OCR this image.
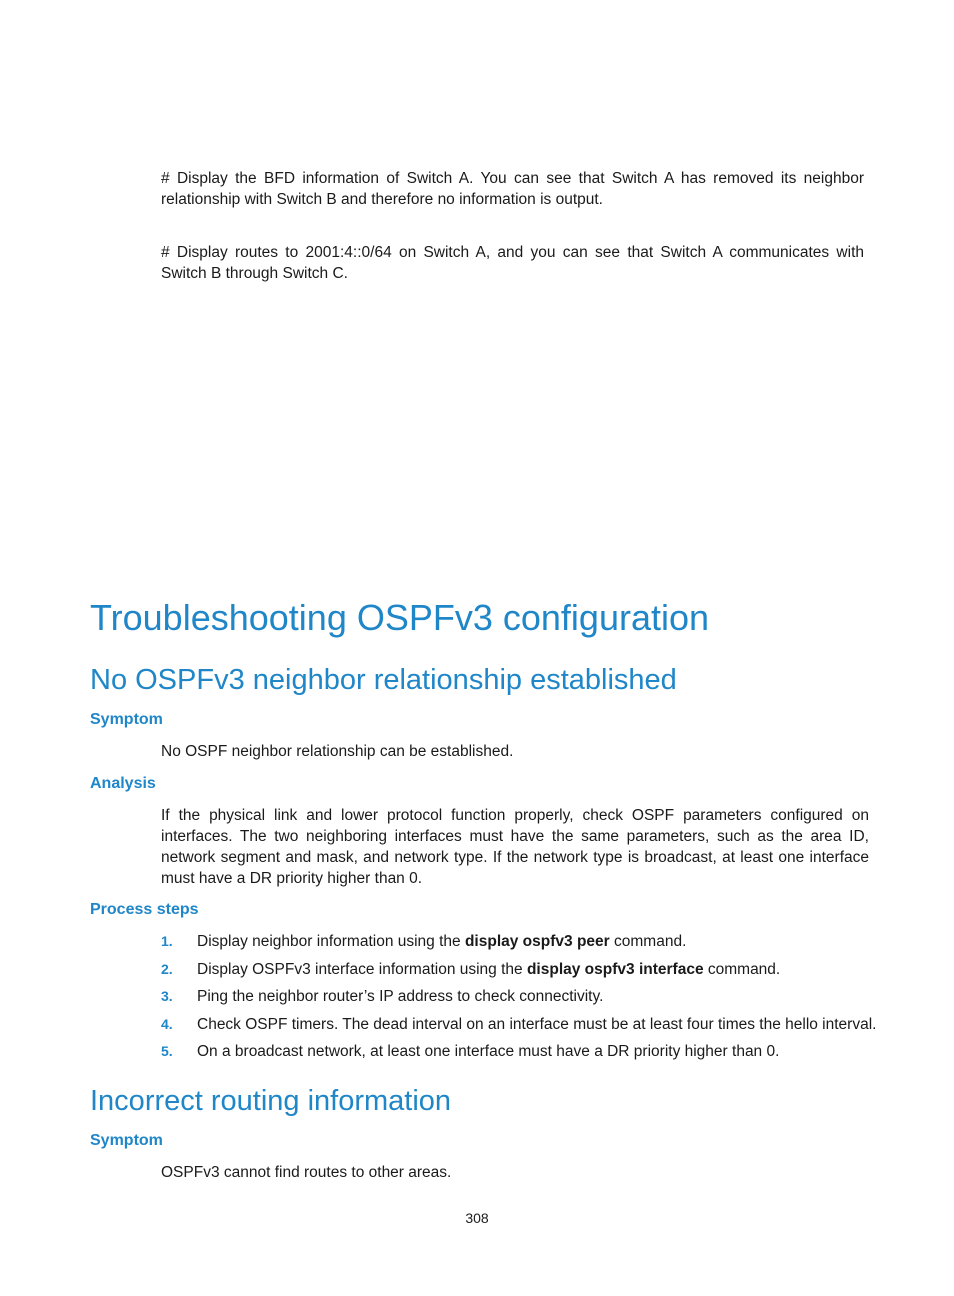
# Display the BFD information of Switch A. You can see that Switch A has removed its neighbor relationship with Switch B and therefore no information is output.

# Display routes to 2001:4::0/64 on Switch A, and you can see that Switch A communicates with Switch B through Switch C.

Troubleshooting OSPFv3 configuration
No OSPFv3 neighbor relationship established
Symptom

No OSPF neighbor relationship can be established.

Analysis

If the physical link and lower protocol function properly, check OSPF parameters configured on interfaces. The two neighboring interfaces must have the same parameters, such as the area ID, network segment and mask, and network type. If the network type is broadcast, at least one interface must have a DR priority higher than 0.

Process steps
1. Display neighbor information using the display ospfv3 peer command.
2. Display OSPFv3 interface information using the display ospfv3 interface command.
3. Ping the neighbor router’s IP address to check connectivity.
4. Check OSPF timers. The dead interval on an interface must be at least four times the hello interval.
5. On a broadcast network, at least one interface must have a DR priority higher than 0.
Incorrect routing information
Symptom

OSPFv3 cannot find routes to other areas.

308
